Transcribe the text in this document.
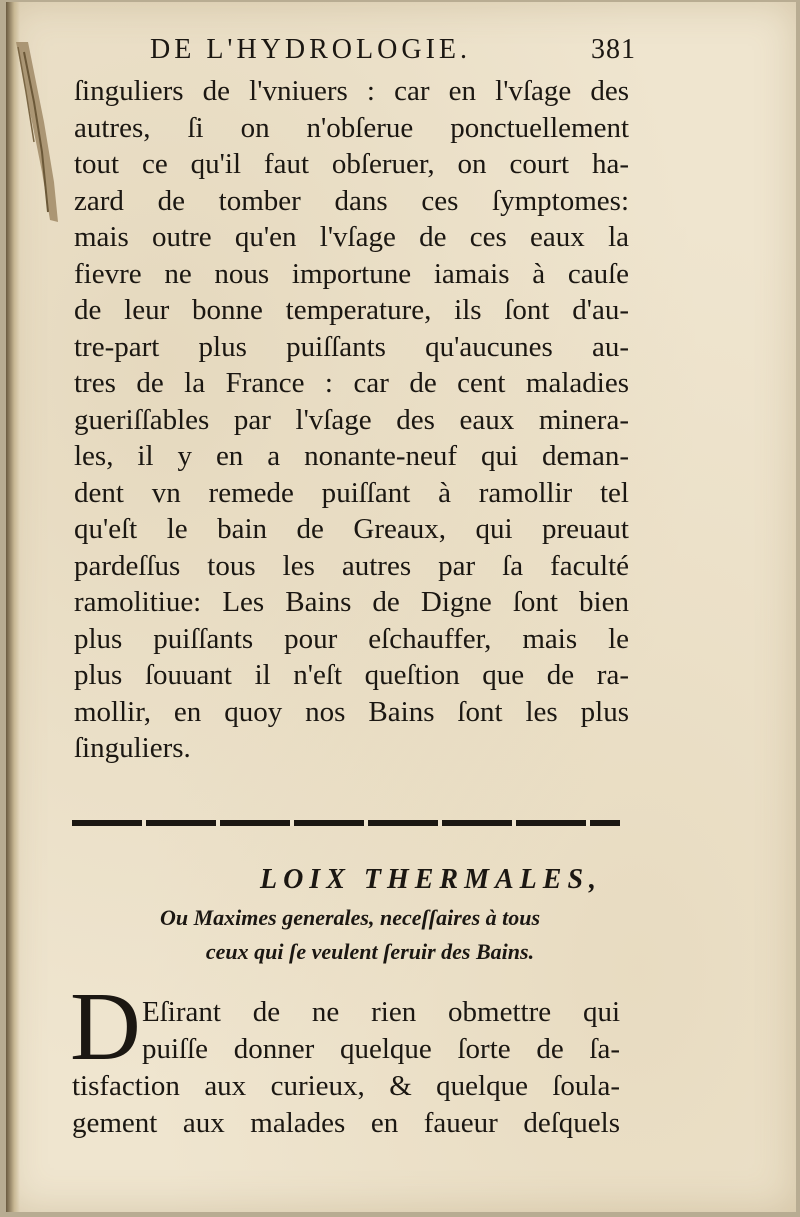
DE L'HYDROLOGIE.	381
ſinguliers de l'vniuers : car en l'vſage des
autres, ſi on n'obſerue ponctuellement
tout ce qu'il faut obſeruer, on court ha-
zard de tomber dans ces ſymptomes:
mais outre qu'en l'vſage de ces eaux la
fievre ne nous importune iamais à cauſe
de leur bonne temperature, ils ſont d'au-
tre-part plus puiſſants qu'aucunes au-
tres de la France : car de cent maladies
gueriſſables par l'vſage des eaux minera-
les, il y en a nonante-neuf qui deman-
dent vn remede puiſſant à ramollir tel
qu'eſt le bain de Greaux, qui preuaut
pardeſſus tous les autres par ſa faculté
ramolitiue: Les Bains de Digne ſont bien
plus puiſſants pour eſchauffer, mais le
plus ſouuant il n'eſt queſtion que de ra-
mollir, en quoy nos Bains ſont les plus
ſinguliers.
LOIX THERMALES,
Ou Maximes generales, neceſſaires à tous
ceux qui ſe veulent ſeruir des Bains.
D Eſirant de ne rien obmettre qui
puiſſe donner quelque ſorte de ſa-
tisfaction aux curieux, & quelque ſoula-
gement aux malades en faueur deſquels
